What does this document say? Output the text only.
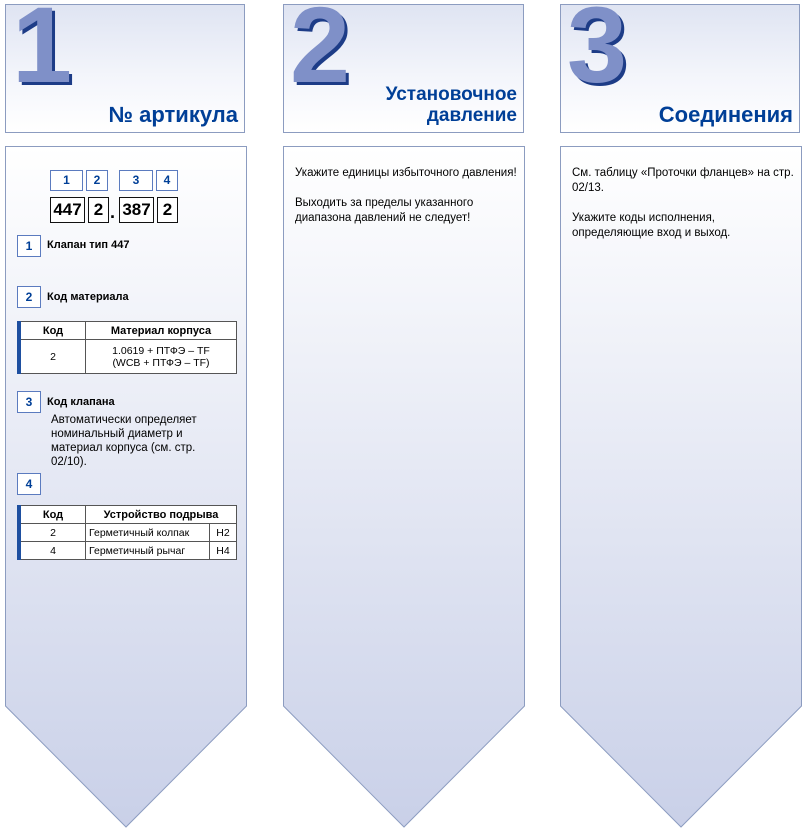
1
№ артикула
2 Установочное
давление
3
Соединения
1	2	3	4
447 2 . 387 2
1	Клапан тип 447
2	Код материала
	Код	Материал корпуса
	2	1.0619 + ПТФЭ – TF
(WCB + ПТФЭ – TF)
3	Код клапана
Автоматически определяет номинальный диаметр и материал корпуса (см. стр. 02/10).
4
	Код	Устройство подрыва	
	2	Герметичный колпак	H2
	4	Герметичный рычаг	H4

Укажите единицы избыточного давления!

Выходить за пределы указанного диапазона давлений не следует!

См. таблицу «Проточки фланцев» на стр. 02/13.

Укажите коды исполнения, определяющие вход и выход.
